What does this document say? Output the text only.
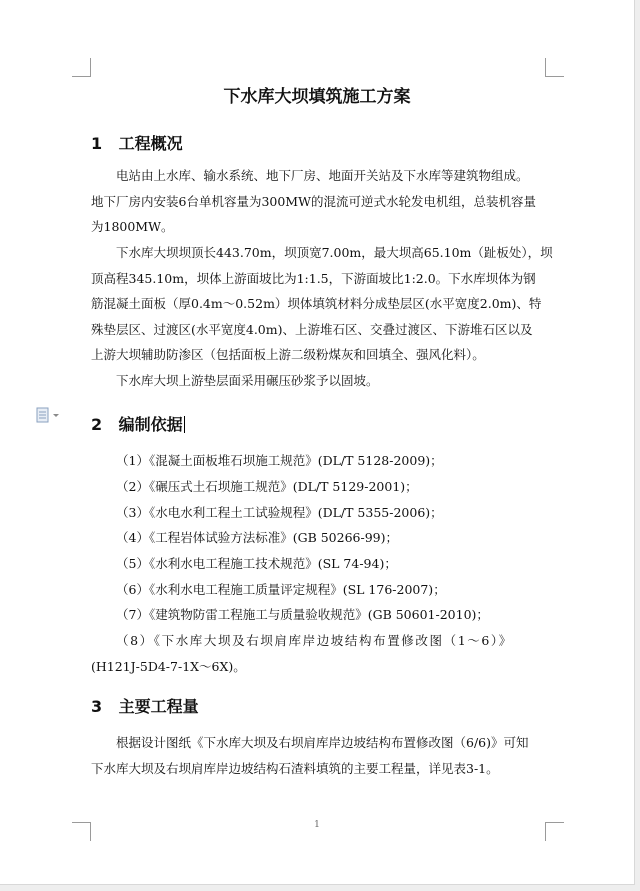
下水库大坝填筑施工方案
1 工程概况
电站由上水库、输水系统、地下厂房、地面开关站及下水库等建筑物组成。
地下厂房内安装6台单机容量为300MW的混流可逆式水轮发电机组，总装机容量
为1800MW。
下水库大坝坝顶长443.70m，坝顶宽7.00m，最大坝高65.10m（趾板处），坝
顶高程345.10m，坝体上游面坡比为1:1.5，下游面坡比1:2.0。下水库坝体为钢
筋混凝土面板（厚0.4m～0.52m）坝体填筑材料分成垫层区(水平宽度2.0m)、特
殊垫层区、过渡区(水平宽度4.0m)、上游堆石区、交叠过渡区、下游堆石区以及
上游大坝辅助防渗区（包括面板上游二级粉煤灰和回填全、强风化料）。
下水库大坝上游垫层面采用碾压砂浆予以固坡。
2 编制依据
（1）《混凝土面板堆石坝施工规范》(DL/T 5128-2009)；
（2）《碾压式土石坝施工规范》(DL/T 5129-2001)；
（3）《水电水利工程土工试验规程》(DL/T 5355-2006)；
（4）《工程岩体试验方法标准》(GB 50266-99)；
（5）《水利水电工程施工技术规范》(SL 74-94)；
（6）《水利水电工程施工质量评定规程》(SL 176-2007)；
（7）《建筑物防雷工程施工与质量验收规范》(GB 50601-2010)；
（8）《下水库大坝及右坝肩库岸边坡结构布置修改图（1～6）》
(H121J-5D4-7-1X～6X)。
3 主要工程量
根据设计图纸《下水库大坝及右坝肩库岸边坡结构布置修改图（6/6)》可知
下水库大坝及右坝肩库岸边坡结构石渣料填筑的主要工程量，详见表3-1。
1
